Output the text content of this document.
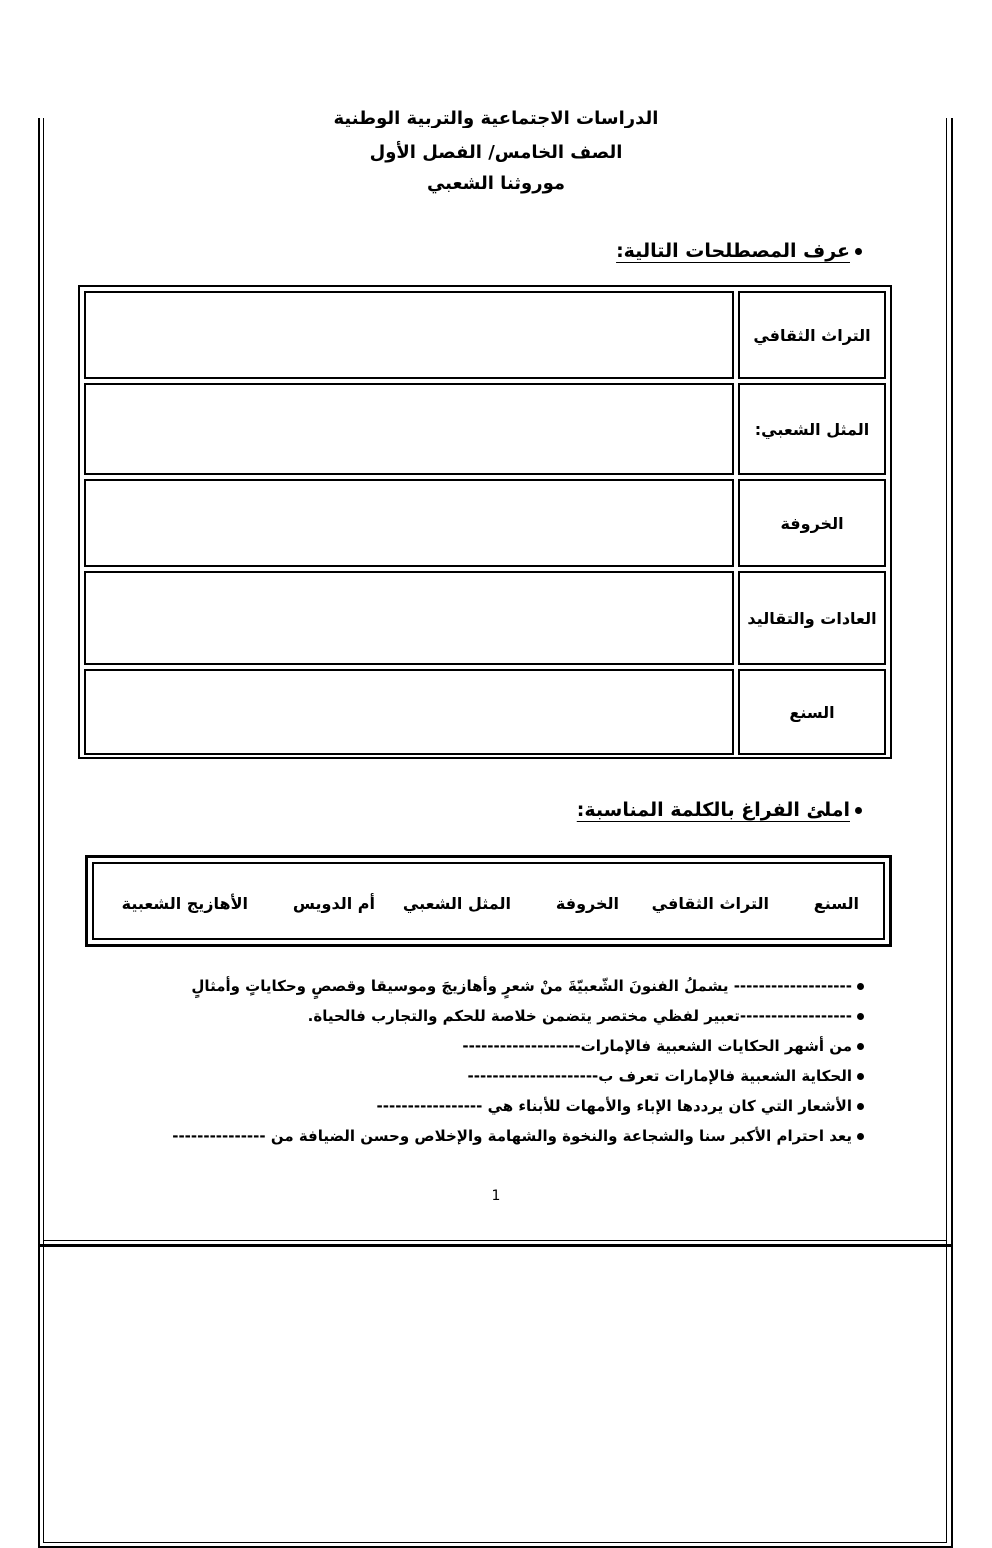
الدراسات الاجتماعية والتربية الوطنية
الصف الخامس/ الفصل الأول
موروثنا الشعبي
عرف المصطلحات التالية:
التراث الثقافي
المثل الشعبي:
الخروفة
العادات والتقاليد
السنع
املئ الفراغ بالكلمة المناسبة:
السنع
التراث الثقافي
الخروفة
المثل الشعبي
أم الدويس
الأهازيج الشعبية
------------------- يشملُ الفنونَ الشّعبيّةَ منْ شعرٍ وأهازيجَ وموسيقا وقصصٍ وحكاياتٍ وأمثالٍ
------------------تعبير لفظي مختصر يتضمن خلاصة للحكم والتجارب فالحياة.
من أشهر الحكايات الشعبية فالإمارات-------------------
الحكاية الشعبية فالإمارات تعرف ب---------------------
الأشعار التي كان يرددها الإباء والأمهات للأبناء هي -----------------
يعد احترام الأكبر سنا والشجاعة والنخوة والشهامة والإخلاص وحسن الضيافة من ---------------
1
